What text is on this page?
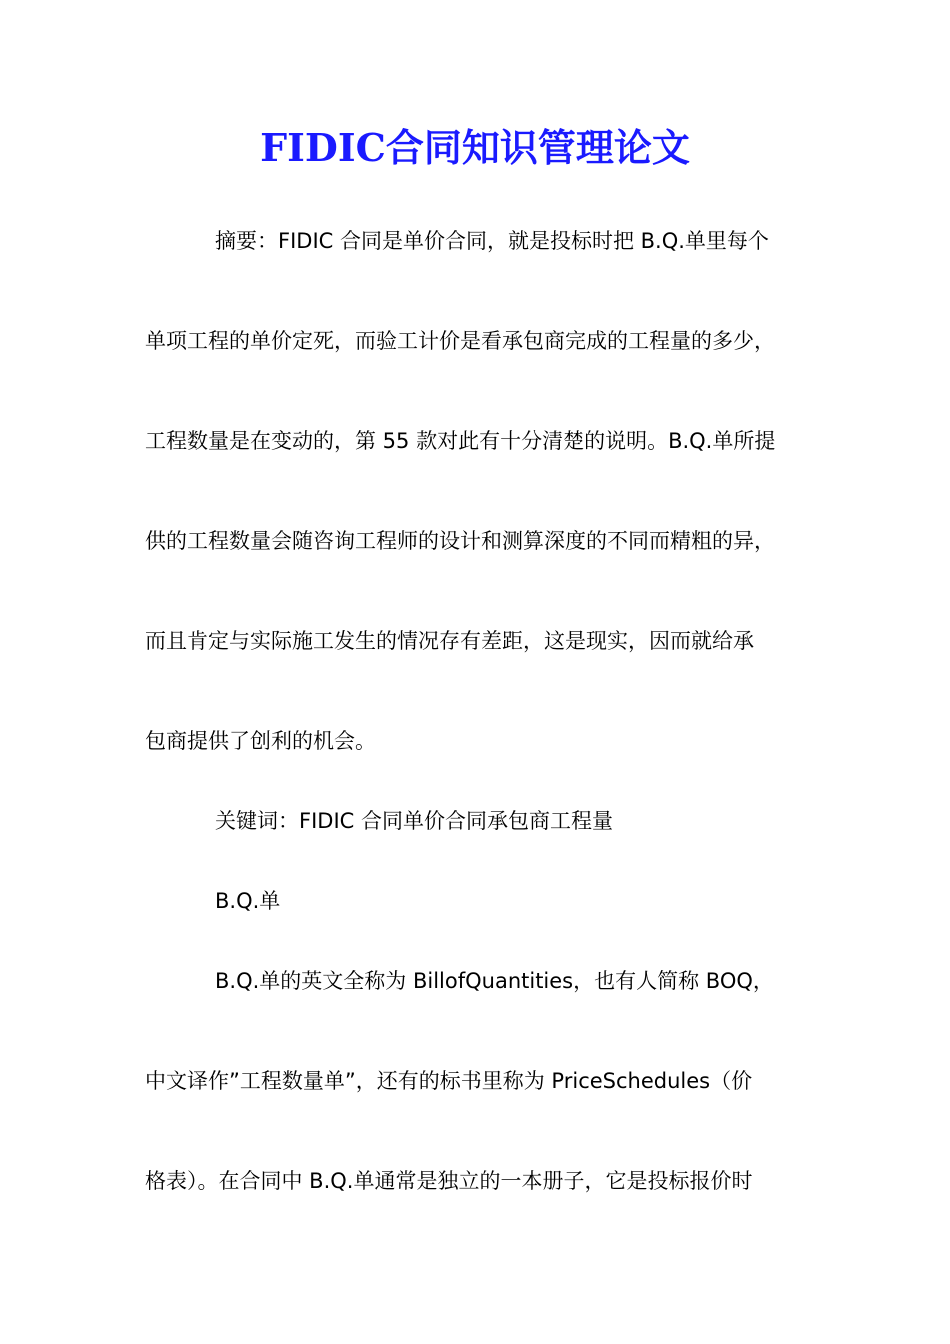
FIDIC合同知识管理论文

摘要：FIDIC 合同是单价合同，就是投标时把 B.Q.单里每个

单项工程的单价定死，而验工计价是看承包商完成的工程量的多少，

工程数量是在变动的，第 55 款对此有十分清楚的说明。B.Q.单所提

供的工程数量会随咨询工程师的设计和测算深度的不同而精粗的异，

而且肯定与实际施工发生的情况存有差距，这是现实，因而就给承

包商提供了创利的机会。

关键词：FIDIC 合同单价合同承包商工程量

B.Q.单

B.Q.单的英文全称为 BillofQuantities，也有人简称 BOQ，

中文译作”工程数量单”，还有的标书里称为 PriceSchedules（价

格表）。在合同中 B.Q.单通常是独立的一本册子，它是投标报价时
